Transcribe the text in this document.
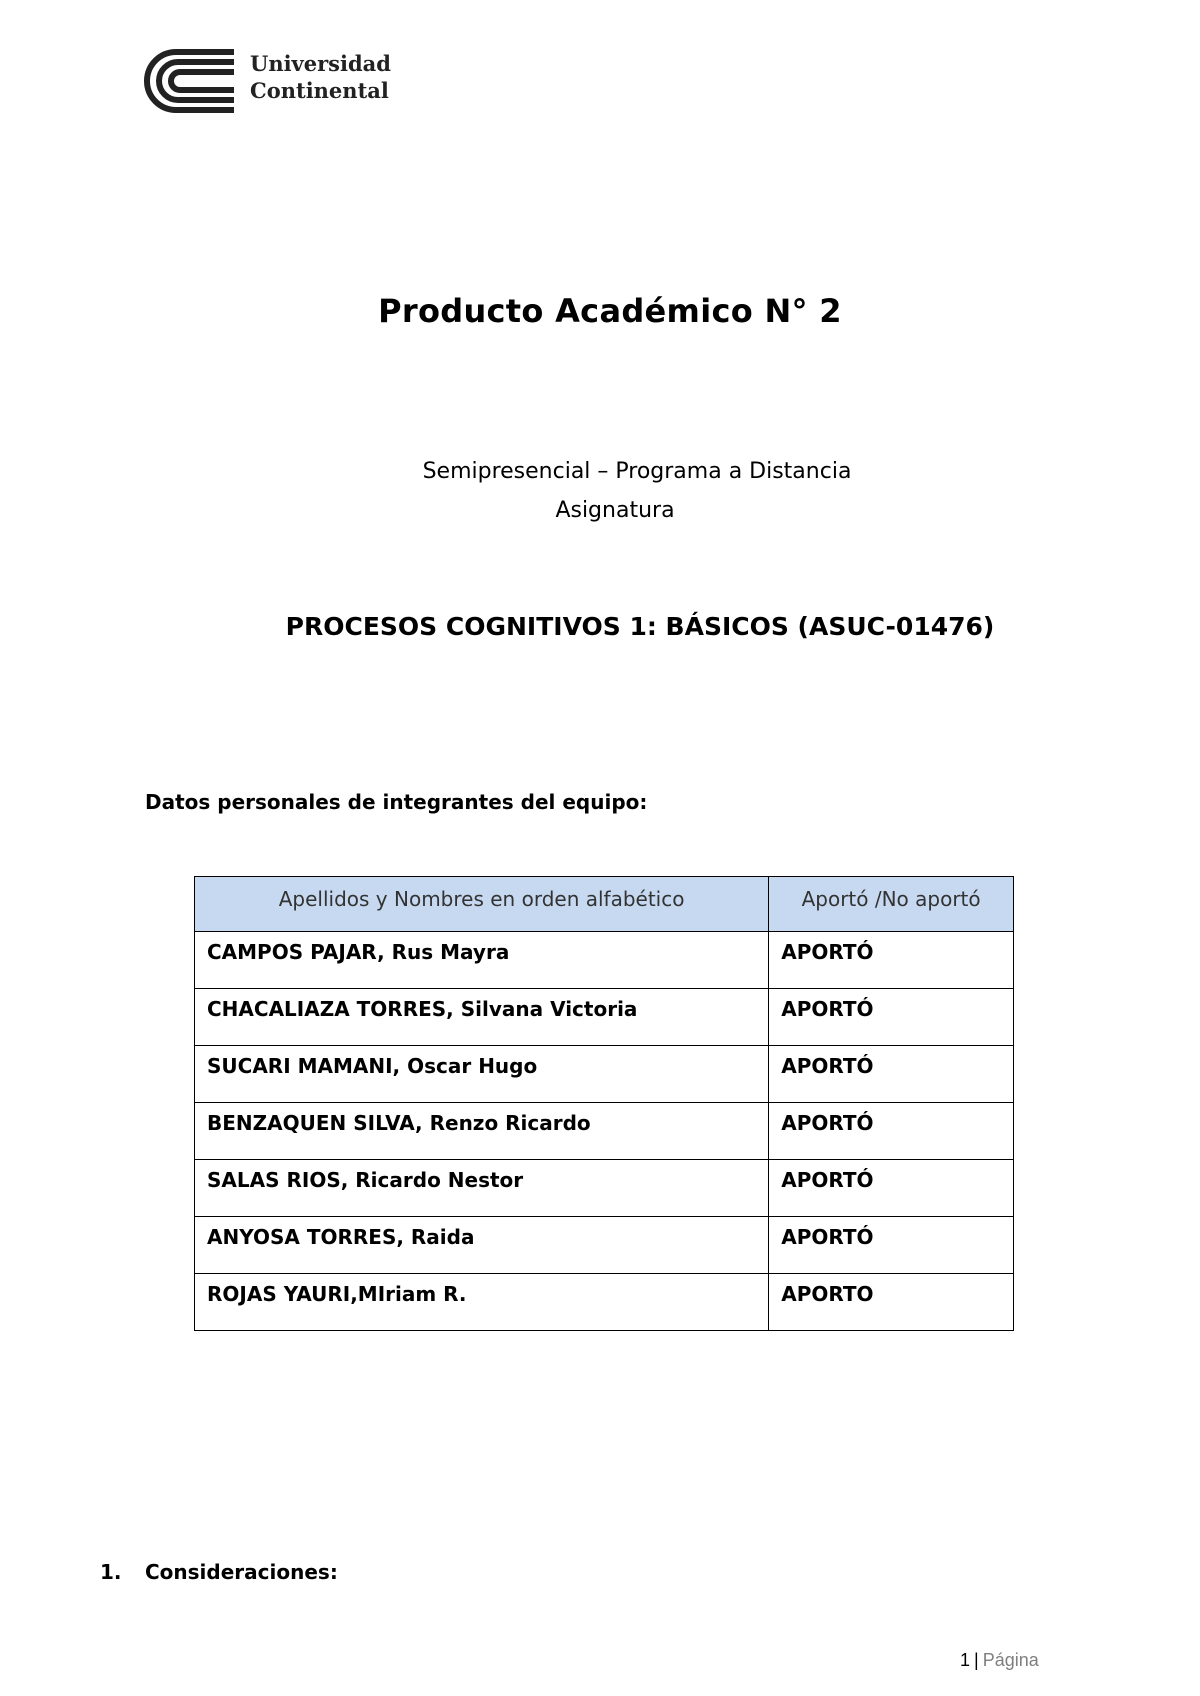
Universidad
Continental
Producto Académico N° 2
Semipresencial – Programa a Distancia
Asignatura
PROCESOS COGNITIVOS 1: BÁSICOS (ASUC-01476)
Datos personales de integrantes del equipo:
Apellidos y Nombres en orden alfabético	Aportó /No aportó
CAMPOS PAJAR, Rus Mayra	APORTÓ
CHACALIAZA TORRES, Silvana Victoria	APORTÓ
SUCARI MAMANI, Oscar Hugo	APORTÓ
BENZAQUEN SILVA, Renzo Ricardo	APORTÓ
SALAS RIOS, Ricardo Nestor	APORTÓ
ANYOSA TORRES, Raida	APORTÓ
ROJAS YAURI,MIriam R.	APORTO
1. Consideraciones:
1 | Página
